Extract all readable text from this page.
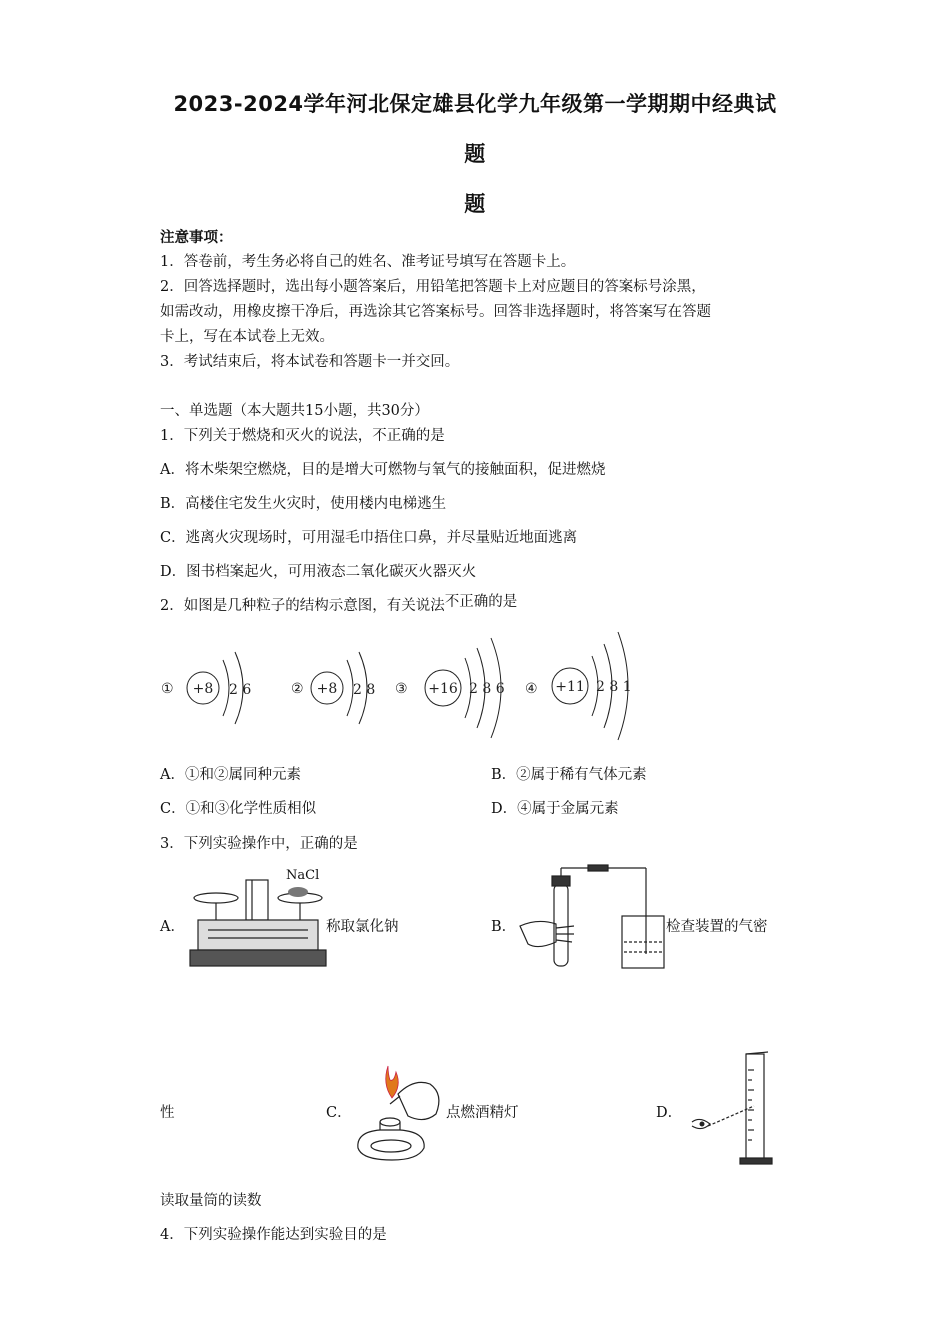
2023-2024学年河北保定雄县化学九年级第一学期期中经典试
题
题
注意事项：
1．答卷前，考生务必将自己的姓名、准考证号填写在答题卡上。
2．回答选择题时，选出每小题答案后，用铅笔把答题卡上对应题目的答案标号涂黑，
如需改动，用橡皮擦干净后，再选涂其它答案标号。回答非选择题时，将答案写在答题
卡上，写在本试卷上无效。
3．考试结束后，将本试卷和答题卡一并交回。
一、单选题（本大题共15小题，共30分）
1．下列关于燃烧和灭火的说法，不正确的是
A．将木柴架空燃烧，目的是增大可燃物与氧气的接触面积，促进燃烧
B．高楼住宅发生火灾时，使用楼内电梯逃生
C．逃离火灾现场时，可用湿毛巾捂住口鼻，并尽量贴近地面逃离
D．图书档案起火，可用液态二氧化碳灭火器灭火
2．如图是几种粒子的结构示意图，有关说法不正确的是
① +8 2 6	② +8 2 8 ③ +16 2 8 6 ④ +11 2 8 1
A．①和②属同种元素	B．②属于稀有气体元素
C．①和③化学性质相似	D．④属于金属元素
3．下列实验操作中，正确的是
A．
NaCl
称取氯化钠	B．	检查装置的气密
性	C．	点燃酒精灯	D．
读取量筒的读数
4．下列实验操作能达到实验目的是
